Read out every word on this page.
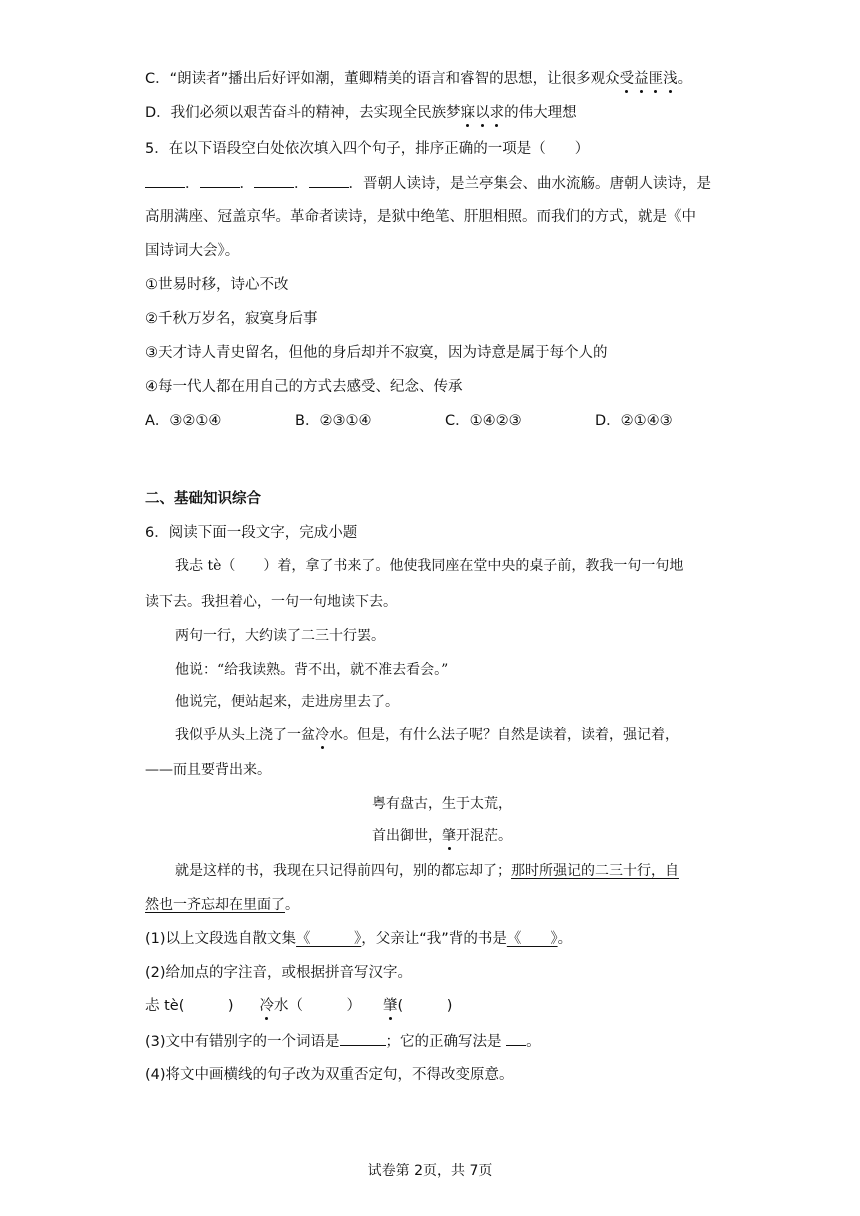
C．“朗读者”播出后好评如潮，董卿精美的语言和睿智的思想，让很多观众受益匪浅。
D．我们必须以艰苦奋斗的精神，去实现全民族梦寐以求的伟大理想
5．在以下语段空白处依次填入四个句子，排序正确的一项是（　　）
．	．	．	．晋朝人读诗，是兰亭集会、曲水流觞。唐朝人读诗，是
高朋满座、冠盖京华。革命者读诗，是狱中绝笔、肝胆相照。而我们的方式，就是《中
国诗词大会》。
①世易时移，诗心不改
②千秋万岁名，寂寞身后事
③天才诗人青史留名，但他的身后却并不寂寞，因为诗意是属于每个人的
④每一代人都在用自己的方式去感受、纪念、传承
A．③②①④	B．②③①④	C．①④②③	D．②①④③
二、基础知识综合
6．阅读下面一段文字，完成小题
我忐 tè（　　）着，拿了书来了。他使我同座在堂中央的桌子前，教我一句一句地
读下去。我担着心，一句一句地读下去。
两句一行，大约读了二三十行罢。
他说：“给我读熟。背不出，就不准去看会。”
他说完，便站起来，走进房里去了。
我似乎从头上浇了一盆冷水。但是，有什么法子呢？自然是读着，读着，强记着，
——而且要背出来。
粤有盘古，生于太荒，
首出御世，肇开混茫。
就是这样的书，我现在只记得前四句，别的都忘却了；那时所强记的二三十行，自
然也一齐忘却在里面了。
(1)以上文段选自散文集《　　　》，父亲让“我”背的书是《　　》。
(2)给加点的字注音，或根据拼音写汉字。
忐 tè(　　　) 冷水（　　　） 肇(　　　)
(3)文中有错别字的一个词语是	；它的正确写法是 。
(4)将文中画横线的句子改为双重否定句，不得改变原意。
试卷第 2页，共 7页
